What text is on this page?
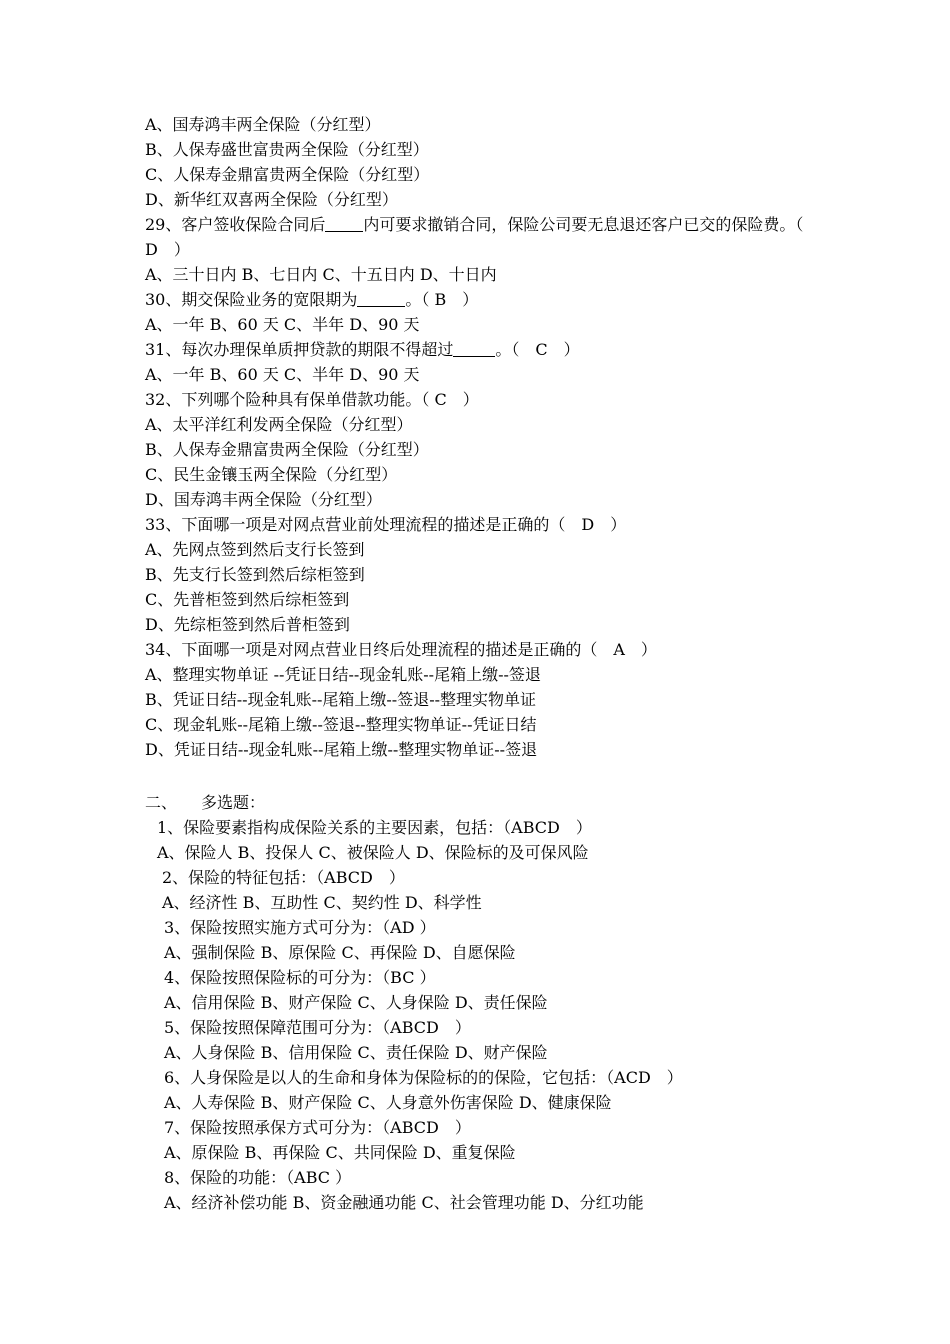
A、国寿鸿丰两全保险（分红型）
B、人保寿盛世富贵两全保险（分红型）
C、人保寿金鼎富贵两全保险（分红型）
D、新华红双喜两全保险（分红型）
29、客户签收保险合同后 内可要求撤销合同，保险公司要无息退还客户已交的保险费。（　D　）
A、三十日内 B、七日内 C、十五日内 D、十日内
30、期交保险业务的宽限期为	。（ B　）
A、一年 B、60 天 C、半年 D、90 天
31、每次办理保单质押贷款的期限不得超过	。（　C　）
A、一年 B、60 天 C、半年 D、90 天
32、下列哪个险种具有保单借款功能。（ C　）
A、太平洋红利发两全保险（分红型）
B、人保寿金鼎富贵两全保险（分红型）
C、民生金镶玉两全保险（分红型）
D、国寿鸿丰两全保险（分红型）
33、下面哪一项是对网点营业前处理流程的描述是正确的（　D　）
A、先网点签到然后支行长签到
B、先支行长签到然后综柜签到
C、先普柜签到然后综柜签到
D、先综柜签到然后普柜签到
34、下面哪一项是对网点营业日终后处理流程的描述是正确的（　A　）
A、整理实物单证 --凭证日结--现金轧账--尾箱上缴--签退
B、凭证日结--现金轧账--尾箱上缴--签退--整理实物单证
C、现金轧账--尾箱上缴--签退--整理实物单证--凭证日结
D、凭证日结--现金轧账--尾箱上缴--整理实物单证--签退
二、　　多选题：
1、保险要素指构成保险关系的主要因素，包括：（ABCD　）
A、保险人 B、投保人 C、被保险人 D、保险标的及可保风险
2、保险的特征包括：（ABCD　）
A、经济性 B、互助性 C、契约性 D、科学性
3、保险按照实施方式可分为：（AD ）
A、强制保险 B、原保险 C、再保险 D、自愿保险
4、保险按照保险标的可分为：（BC ）
A、信用保险 B、财产保险 C、人身保险 D、责任保险
5、保险按照保障范围可分为：（ABCD　）
A、人身保险 B、信用保险 C、责任保险 D、财产保险
6、人身保险是以人的生命和身体为保险标的的保险，它包括：（ACD　）
A、人寿保险 B、财产保险 C、人身意外伤害保险 D、健康保险
7、保险按照承保方式可分为：（ABCD　）
A、原保险 B、再保险 C、共同保险 D、重复保险
8、保险的功能：（ABC ）
A、经济补偿功能 B、资金融通功能 C、社会管理功能 D、分红功能
